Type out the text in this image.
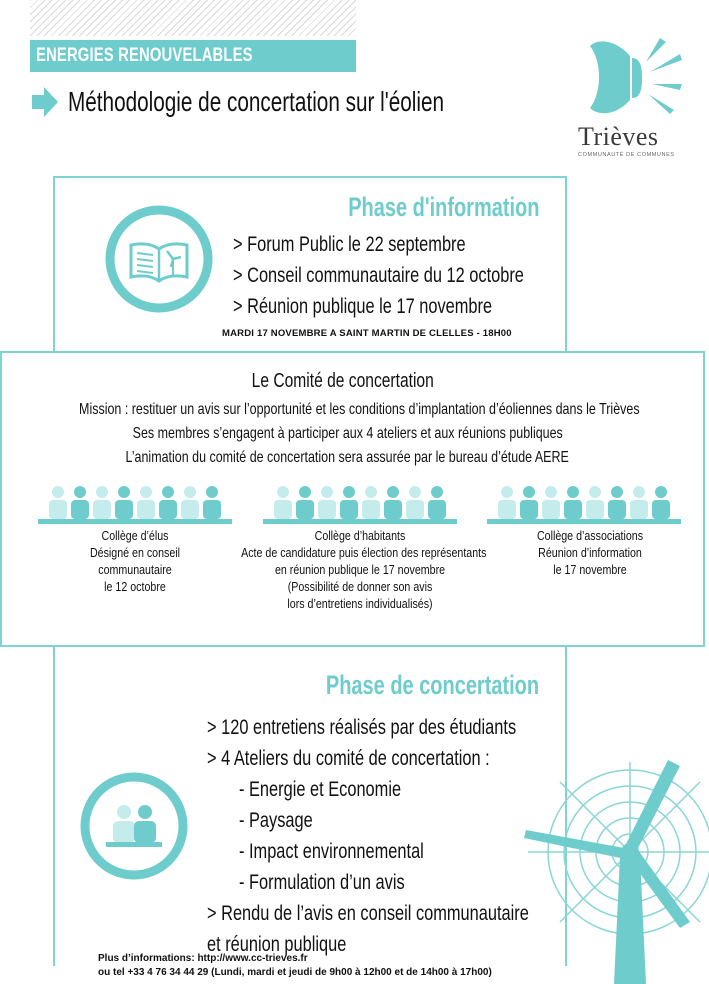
ENERGIES RENOUVELABLES
Méthodologie de concertation sur l'éolien
Trièves
COMMUNAUTÉ DE COMMUNES
Phase d'information
> Forum Public le 22 septembre
> Conseil communautaire du 12 octobre
> Réunion publique le 17 novembre
MARDI 17 NOVEMBRE A SAINT MARTIN DE CLELLES - 18H00
Le Comité de concertation
Mission : restituer un avis sur l’opportunité et les conditions d’implantation d’éoliennes dans le Trièves
Ses membres s’engagent à participer aux 4 ateliers et aux réunions publiques
L’animation du comité de concertation sera assurée par le bureau d’étude AERE
Collège d’élus
Désigné en conseil
communautaire
le 12 octobre
Collège d’habitants
Acte de candidature puis élection des représentants
en réunion publique le 17 novembre
(Possibilité de donner son avis
lors d’entretiens individualisés)
Collège d’associations
Réunion d’information
le 17 novembre
Phase de concertation
> 120 entretiens réalisés par des étudiants
> 4 Ateliers du comité de concertation :
- Energie et Economie
- Paysage
- Impact environnemental
- Formulation d’un avis
> Rendu de l’avis en conseil communautaire
et réunion publique
Plus d’informations: http://www.cc-trieves.fr
ou tel +33 4 76 34 44 29 (Lundi, mardi et jeudi de 9h00 à 12h00 et de 14h00 à 17h00)
